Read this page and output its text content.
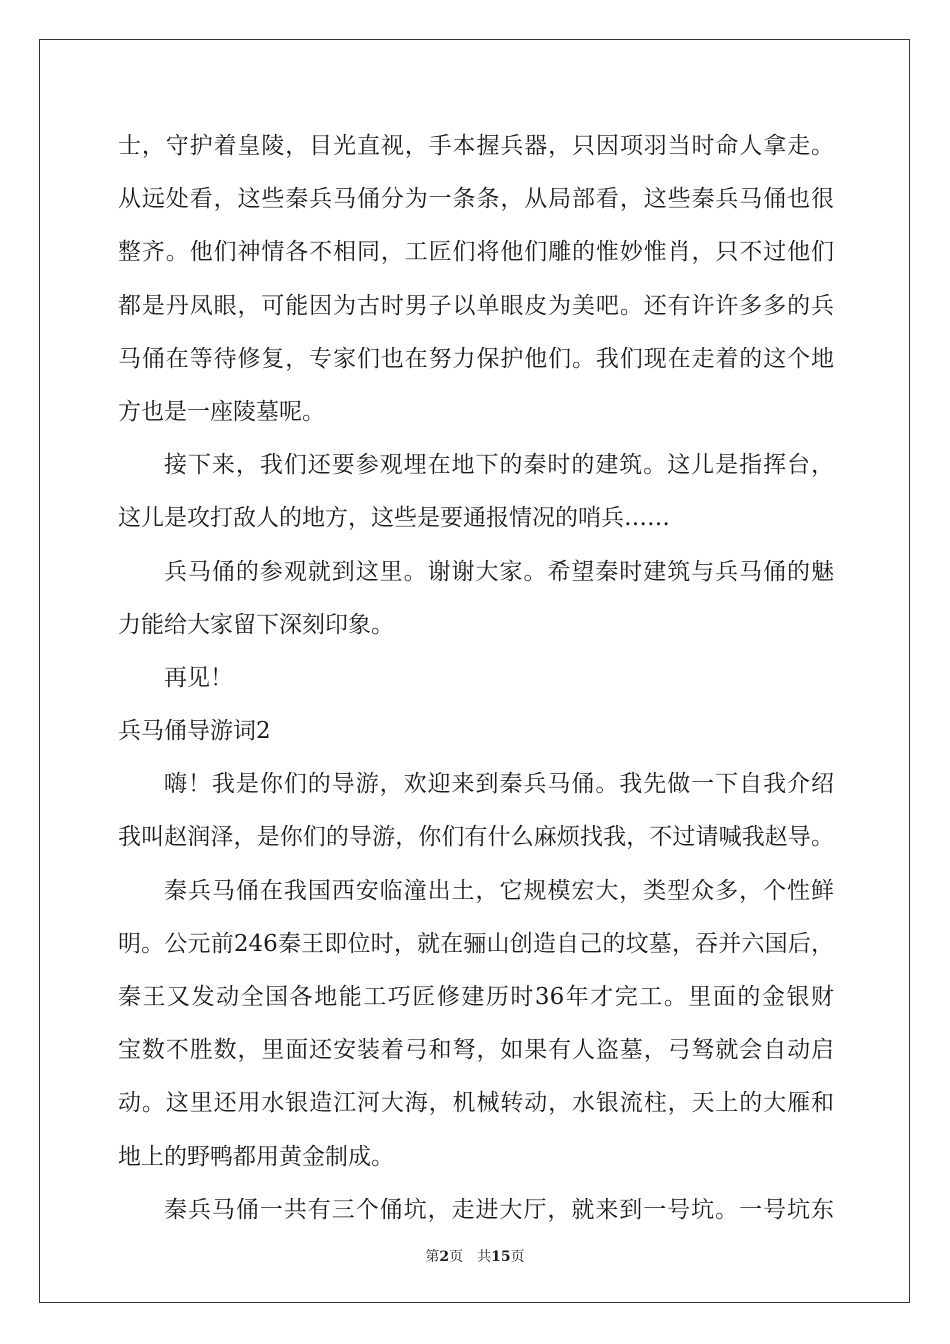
士，守护着皇陵，目光直视，手本握兵器，只因项羽当时命人拿走。
从远处看，这些秦兵马俑分为一条条，从局部看，这些秦兵马俑也很
整齐。他们神情各不相同，工匠们将他们雕的惟妙惟肖，只不过他们
都是丹凤眼，可能因为古时男子以单眼皮为美吧。还有许许多多的兵
马俑在等待修复，专家们也在努力保护他们。我们现在走着的这个地
方也是一座陵墓呢。
接下来，我们还要参观埋在地下的秦时的建筑。这儿是指挥台，
这儿是攻打敌人的地方，这些是要通报情况的哨兵……
兵马俑的参观就到这里。谢谢大家。希望秦时建筑与兵马俑的魅
力能给大家留下深刻印象。
再见！
兵马俑导游词2
嗨！我是你们的导游，欢迎来到秦兵马俑。我先做一下自我介绍
我叫赵润泽，是你们的导游，你们有什么麻烦找我，不过请喊我赵导。
秦兵马俑在我国西安临潼出土，它规模宏大，类型众多，个性鲜
明。公元前246秦王即位时，就在骊山创造自己的坟墓，吞并六国后，
秦王又发动全国各地能工巧匠修建历时36年才完工。里面的金银财
宝数不胜数，里面还安装着弓和弩，如果有人盗墓，弓驽就会自动启
动。这里还用水银造江河大海，机械转动，水银流柱，天上的大雁和
地上的野鸭都用黄金制成。
秦兵马俑一共有三个俑坑，走进大厅，就来到一号坑。一号坑东
第2页　共15页
